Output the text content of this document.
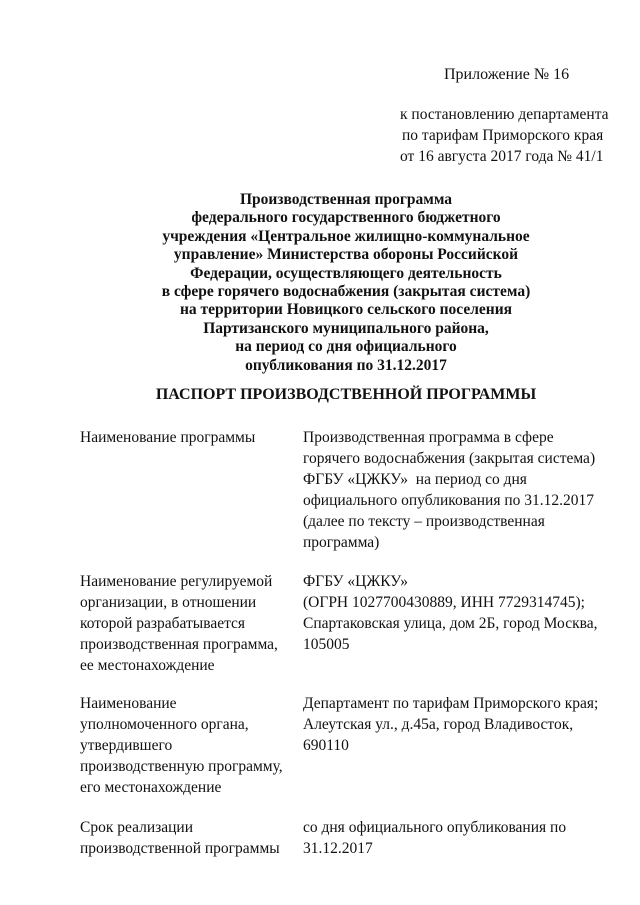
Приложение № 16
к постановлению департамента
по тарифам Приморского края
от 16 августа 2017 года № 41/1
Производственная программа
федерального государственного бюджетного
учреждения «Центральное жилищно-коммунальное
управление» Министерства обороны Российской
Федерации, осуществляющего деятельность
в сфере горячего водоснабжения (закрытая система)
на территории Новицкого сельского поселения
Партизанского муниципального района,
на период со дня официального
опубликования по 31.12.2017
ПАСПОРТ ПРОИЗВОДСТВЕННОЙ ПРОГРАММЫ
Наименование программы	Производственная программа в сфере
горячего водоснабжения (закрытая система)
ФГБУ «ЦЖКУ»  на период со дня
официального опубликования по 31.12.2017
(далее по тексту – производственная
программа)
Наименование регулируемой
организации, в отношении
которой разрабатывается
производственная программа,
ее местонахождение
ФГБУ «ЦЖКУ»
(ОГРН 1027700430889, ИНН 7729314745);
Спартаковская улица, дом 2Б, город Москва,
105005
Наименование
уполномоченного органа,
утвердившего
производственную программу,
его местонахождение
Департамент по тарифам Приморского края;
Алеутская ул., д.45а, город Владивосток,
690110
Срок реализации
производственной программы
со дня официального опубликования по
31.12.2017
